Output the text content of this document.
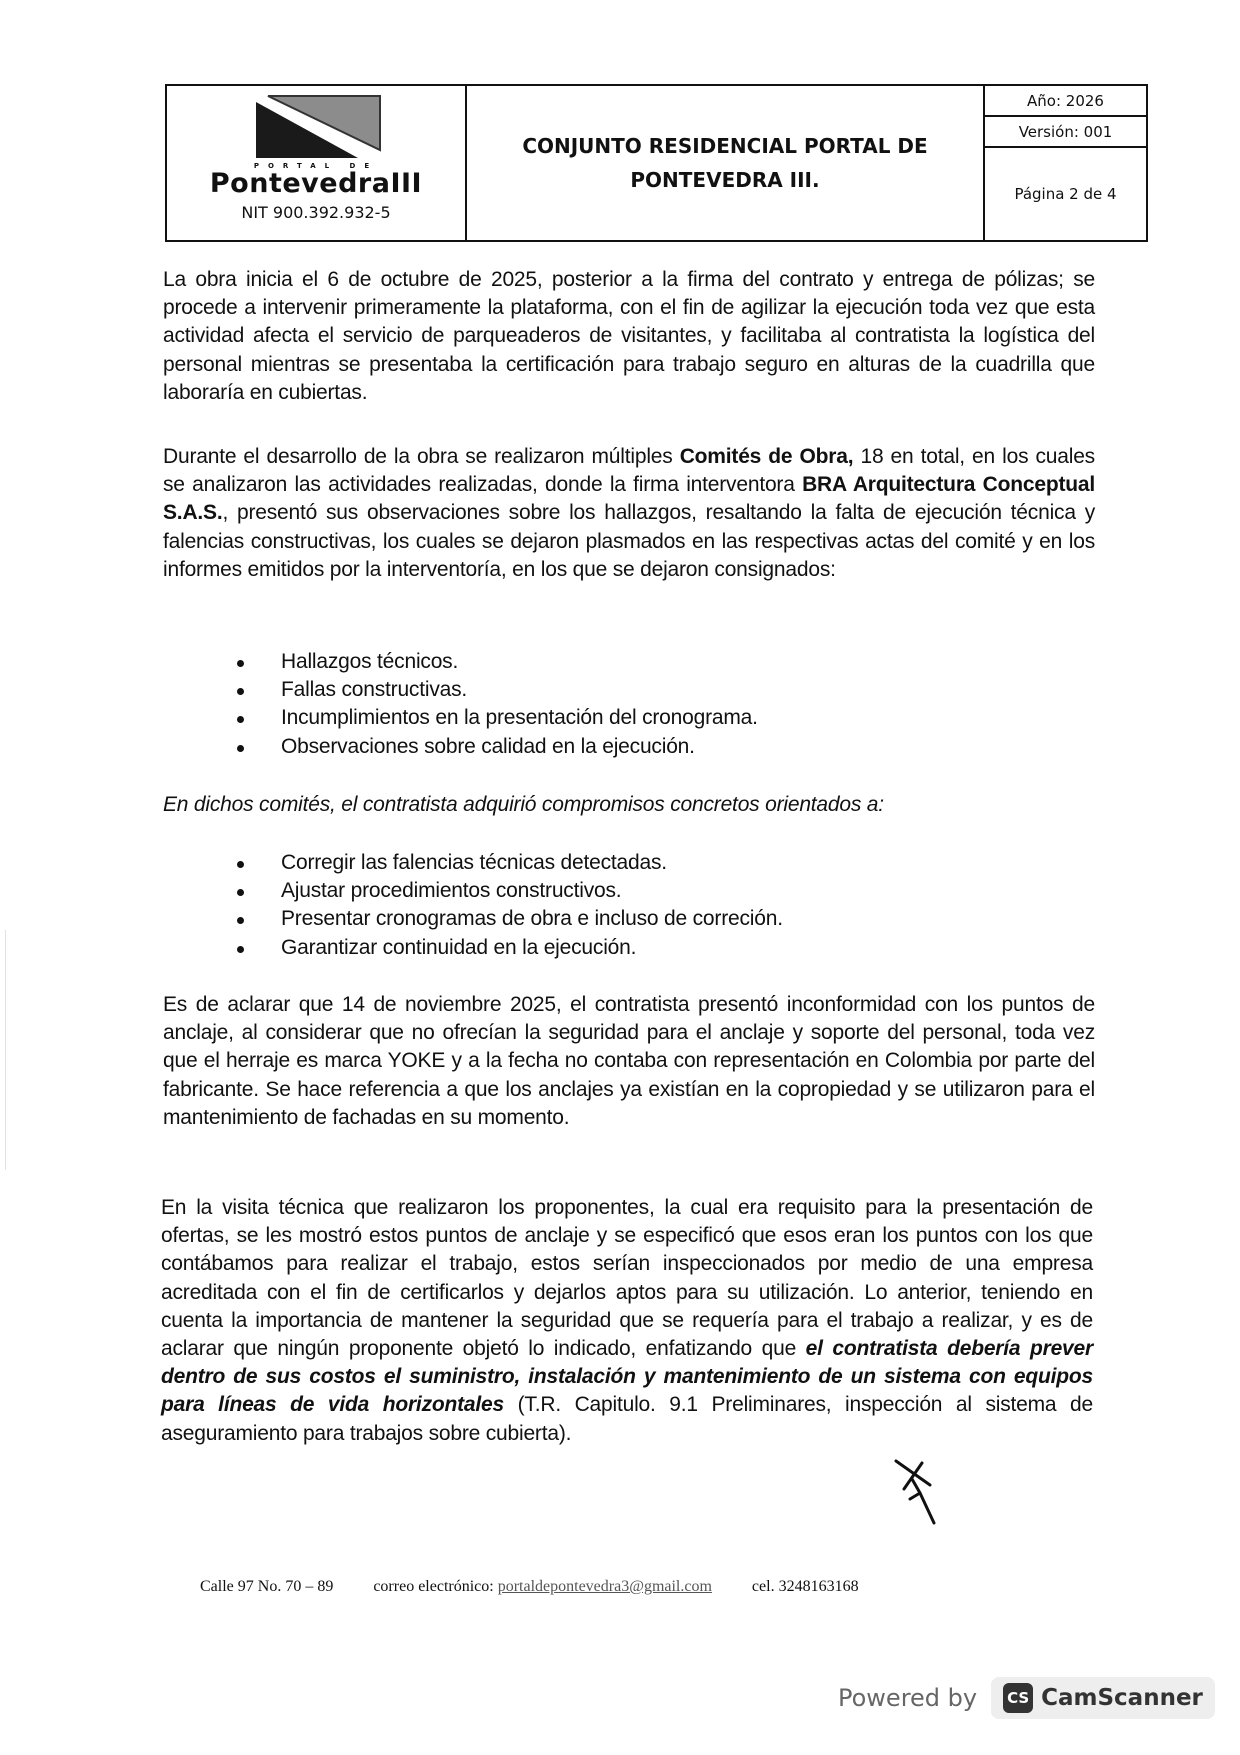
PORTAL DE
PontevedraIII
NIT 900.392.932-5
CONJUNTO RESIDENCIAL PORTAL DE
PONTEVEDRA III.
Año: 2026
Versión: 001
Página 2 de 4

La obra inicia el 6 de octubre de 2025, posterior a la firma del contrato y entrega de pólizas; se procede a intervenir primeramente la plataforma, con el fin de agilizar la ejecución toda vez que esta actividad afecta el servicio de parqueaderos de visitantes, y facilitaba al contratista la logística del personal mientras se presentaba la certificación para trabajo seguro en alturas de la cuadrilla que laboraría en cubiertas.

Durante el desarrollo de la obra se realizaron múltiples Comités de Obra, 18 en total, en los cuales se analizaron las actividades realizadas, donde la firma interventora BRA Arquitectura Conceptual S.A.S., presentó sus observaciones sobre los hallazgos, resaltando la falta de ejecución técnica y falencias constructivas, los cuales se dejaron plasmados en las respectivas actas del comité y en los informes emitidos por la interventoría, en los que se dejaron consignados:

Hallazgos técnicos.
Fallas constructivas.
Incumplimientos en la presentación del cronograma.
Observaciones sobre calidad en la ejecución.

En dichos comités, el contratista adquirió compromisos concretos orientados a:

Corregir las falencias técnicas detectadas.
Ajustar procedimientos constructivos.
Presentar cronogramas de obra e incluso de correción.
Garantizar continuidad en la ejecución.

Es de aclarar que 14 de noviembre 2025, el contratista presentó inconformidad con los puntos de anclaje, al considerar que no ofrecían la seguridad para el anclaje y soporte del personal, toda vez que el herraje es marca YOKE y a la fecha no contaba con representación en Colombia por parte del fabricante. Se hace referencia a que los anclajes ya existían en la copropiedad y se utilizaron para el mantenimiento de fachadas en su momento.

En la visita técnica que realizaron los proponentes, la cual era requisito para la presentación de ofertas, se les mostró estos puntos de anclaje y se especificó que esos eran los puntos con los que contábamos para realizar el trabajo, estos serían inspeccionados por medio de una empresa acreditada con el fin de certificarlos y dejarlos aptos para su utilización. Lo anterior, teniendo en cuenta la importancia de mantener la seguridad que se requería para el trabajo a realizar, y es de aclarar que ningún proponente objetó lo indicado, enfatizando que el contratista debería prever dentro de sus costos el suministro, instalación y mantenimiento de un sistema con equipos para líneas de vida horizontales (T.R. Capitulo. 9.1 Preliminares, inspección al sistema de aseguramiento para trabajos sobre cubierta).

Calle 97 No. 70 – 89	correo electrónico: portaldepontevedra3@gmail.com	cel. 3248163168
Powered by CS CamScanner
